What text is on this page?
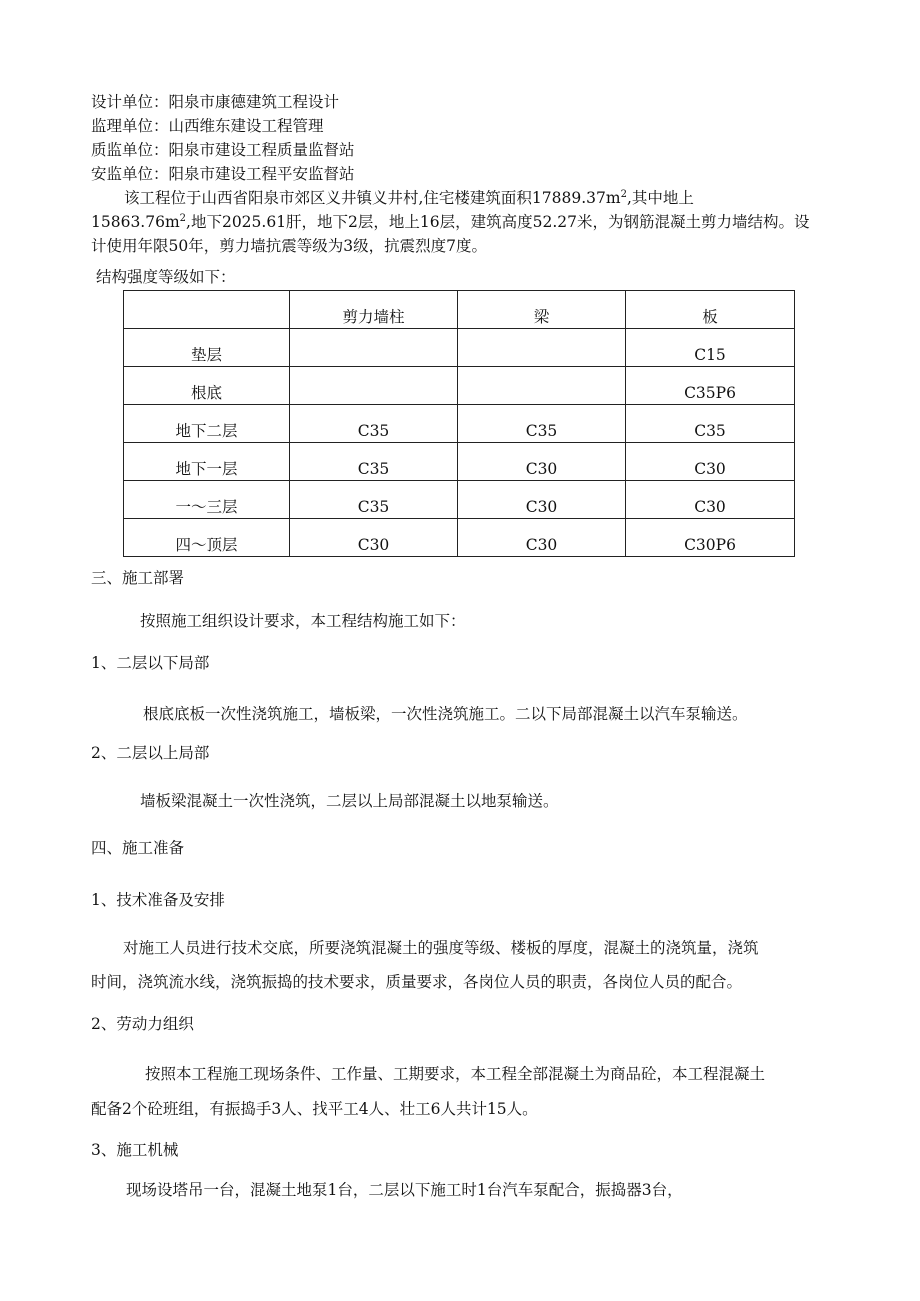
设计单位：阳泉市康德建筑工程设计
监理单位：山西维东建设工程管理
质监单位：阳泉市建设工程质量监督站
安监单位：阳泉市建设工程平安监督站
该工程位于山西省阳泉市郊区义井镇义井村,住宅楼建筑面积$17889.37m^2$,其中地上
$15863.76m^2$,地下2025.61肝，地下2层，地上16层，建筑高度52.27米，为钢筋混凝土剪力墙结构。设
计使用年限50年，剪力墙抗震等级为3级，抗震烈度7度。
结构强度等级如下：
	剪力墙柱	梁	板
垫层			C15
根底			C35P6
地下二层	C35	C35	C35
地下一层	C35	C30	C30
一～三层	C35	C30	C30
四～顶层	C30	C30	C30P6
三、施工部署
按照施工组织设计要求，本工程结构施工如下：
1、二层以下局部
根底底板一次性浇筑施工，墙板梁，一次性浇筑施工。二以下局部混凝土以汽车泵输送。
2、二层以上局部
墙板梁混凝土一次性浇筑，二层以上局部混凝土以地泵输送。
四、施工准备
1、技术准备及安排
对施工人员进行技术交底，所要浇筑混凝土的强度等级、楼板的厚度，混凝土的浇筑量，浇筑
时间，浇筑流水线，浇筑振捣的技术要求，质量要求，各岗位人员的职责，各岗位人员的配合。
2、劳动力组织
按照本工程施工现场条件、工作量、工期要求，本工程全部混凝土为商品砼，本工程混凝土
配备2个砼班组，有振捣手3人、找平工4人、壮工6人共计15人。
3、施工机械
现场设塔吊一台，混凝土地泵1台，二层以下施工时1台汽车泵配合，振捣器3台，
